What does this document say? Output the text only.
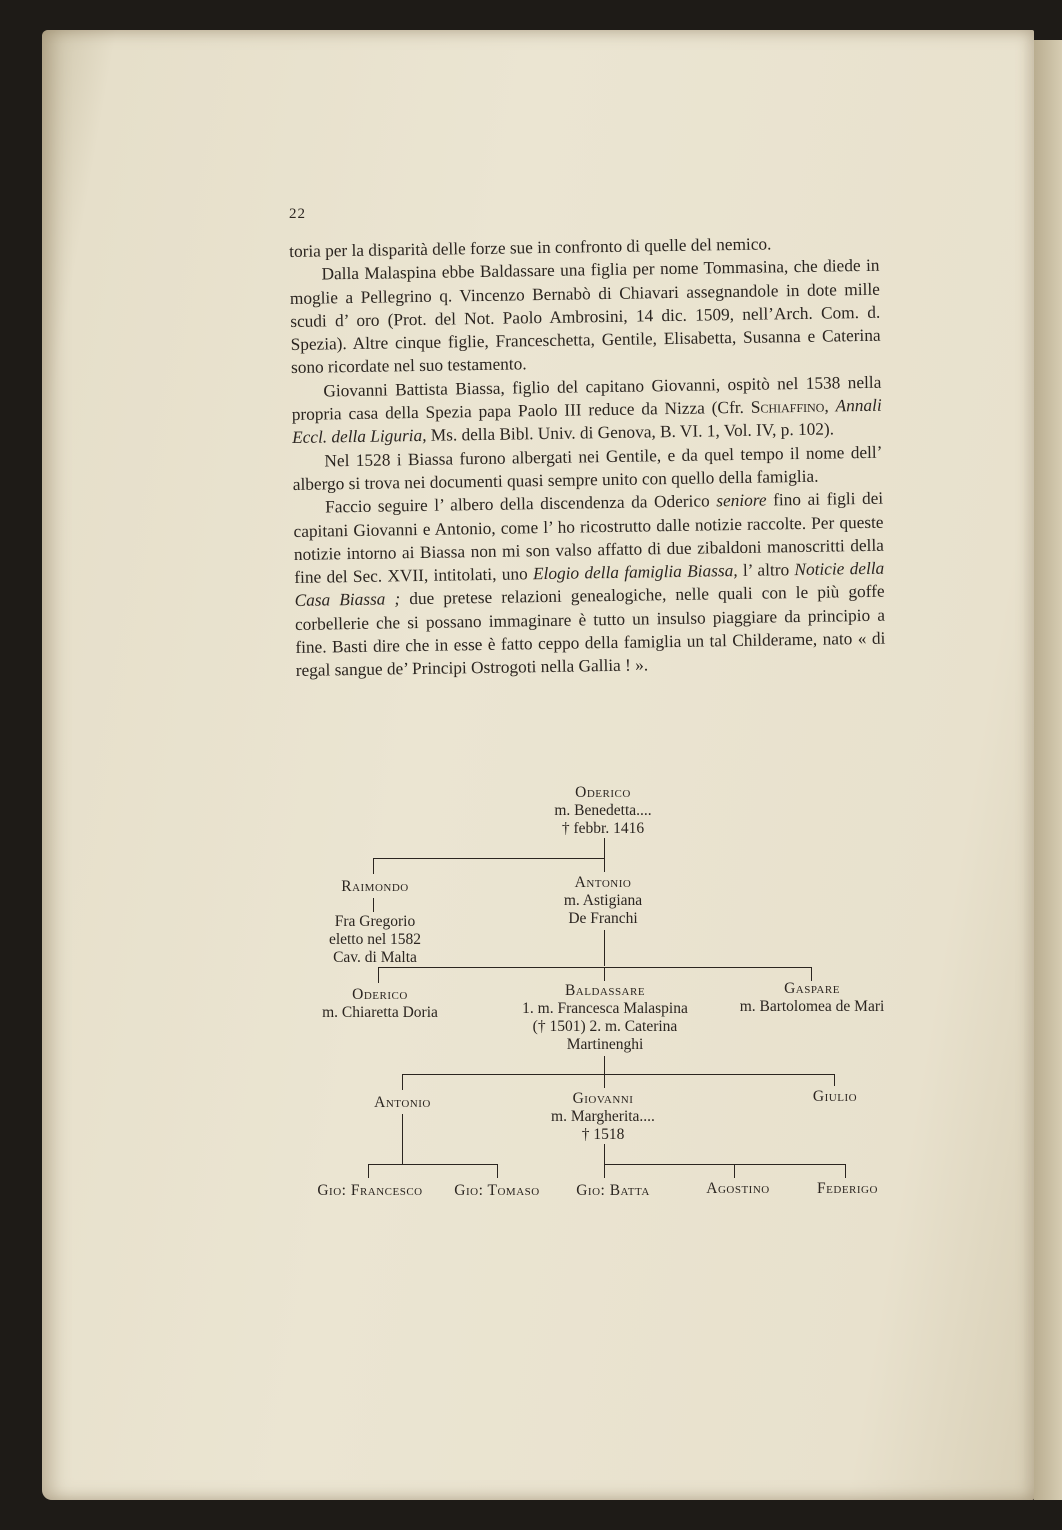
22

toria per la disparità delle forze sue in confronto di quelle del nemico.

Dalla Malaspina ebbe Baldassare una figlia per nome Tommasina, che diede in moglie a Pellegrino q. Vincenzo Bernabò di Chiavari assegnandole in dote mille scudi d’ oro (Prot. del Not. Paolo Ambrosini, 14 dic. 1509, nell’Arch. Com. d. Spezia). Altre cinque figlie, Franceschetta, Gentile, Elisabetta, Susanna e Caterina sono ricordate nel suo testamento.

Giovanni Battista Biassa, figlio del capitano Giovanni, ospitò nel 1538 nella propria casa della Spezia papa Paolo III reduce da Nizza (Cfr. Schiaffino, Annali Eccl. della Liguria, Ms. della Bibl. Univ. di Genova, B. VI. 1, Vol. IV, p. 102).

Nel 1528 i Biassa furono albergati nei Gentile, e da quel tempo il nome dell’ albergo si trova nei documenti quasi sempre unito con quello della famiglia.

Faccio seguire l’ albero della discendenza da Oderico seniore fino ai figli dei capitani Giovanni e Antonio, come l’ ho ricostrutto dalle notizie raccolte. Per queste notizie intorno ai Biassa non mi son valso affatto di due zibaldoni manoscritti della fine del Sec. XVII, intitolati, uno Elogio della famiglia Biassa, l’ altro Noticie della Casa Biassa ; due pretese relazioni genealogiche, nelle quali con le più goffe corbellerie che si possano immaginare è tutto un insulso piaggiare da principio a fine. Basti dire che in esse è fatto ceppo della famiglia un tal Childerame, nato « di regal sangue de’ Principi Ostrogoti nella Gallia ! ».

Oderico
m. Benedetta....
† febbr. 1416
Raimondo
Fra Gregorio
eletto nel 1582
Cav. di Malta
Antonio
m. Astigiana
De Franchi
Oderico
m. Chiaretta Doria
Baldassare
1. m. Francesca Malaspina
(† 1501) 2. m. Caterina
Martinenghi
Gaspare
m. Bartolomea de Mari
Antonio	Giovanni
m. Margherita....
† 1518
Giulio
Gio: Francesco	Gio: Tomaso	Gio: Batta	Agostino	Federigo
